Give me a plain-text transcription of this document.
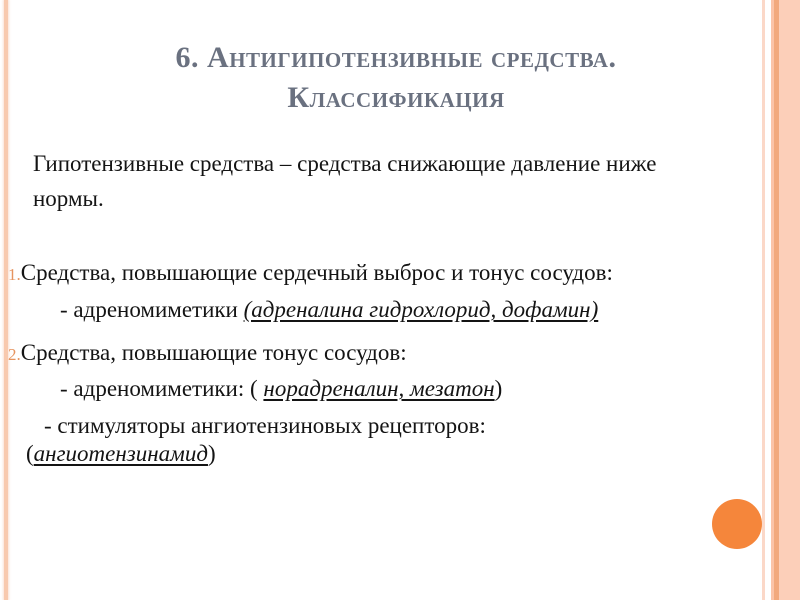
6. Антигипотензивные средства.
Классификация

Гипотензивные средства – средства снижающие давление ниже нормы.

1.Средства, повышающие сердечный выброс и тонус сосудов:
- адреномиметики (адреналина гидрохлорид, дофамин)
2.Средства, повышающие тонус сосудов:
- адреномиметики: ( норадреналин, мезатон)
- стимуляторы ангиотензиновых рецепторов:
(ангиотензинамид)
